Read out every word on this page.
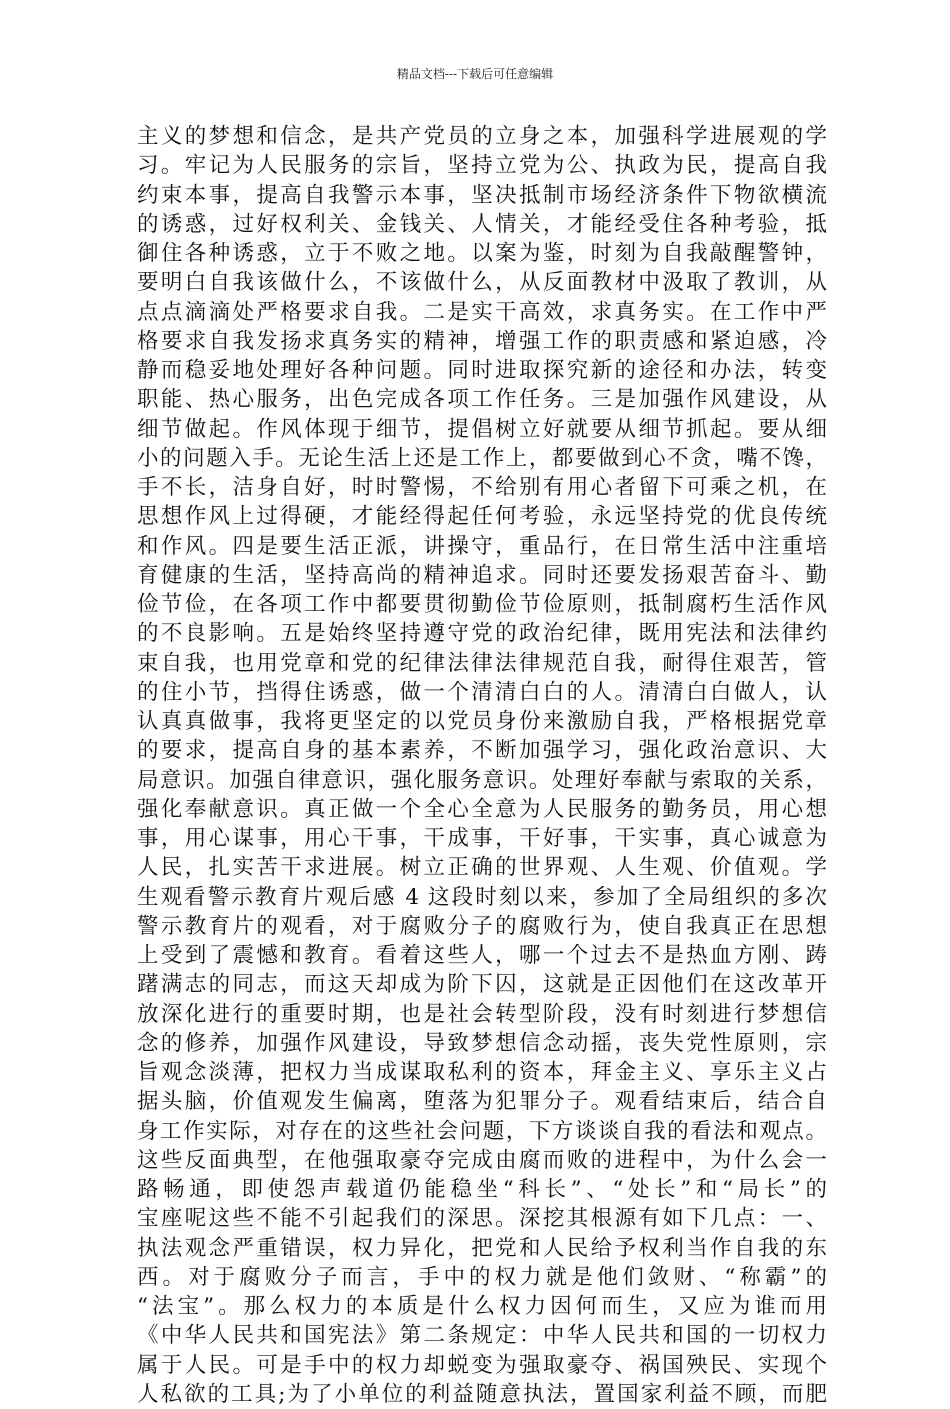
精品文档---下载后可任意编辑
主义的梦想和信念，是共产党员的立身之本，加强科学进展观的学
习。牢记为人民服务的宗旨，坚持立党为公、执政为民，提高自我
约束本事，提高自我警示本事，坚决抵制市场经济条件下物欲横流
的诱惑，过好权利关、金钱关、人情关，才能经受住各种考验，抵
御住各种诱惑，立于不败之地。以案为鉴，时刻为自我敲醒警钟，
要明白自我该做什么，不该做什么，从反面教材中汲取了教训，从
点点滴滴处严格要求自我。二是实干高效，求真务实。在工作中严
格要求自我发扬求真务实的精神，增强工作的职责感和紧迫感，冷
静而稳妥地处理好各种问题。同时进取探究新的途径和办法，转变
职能、热心服务，出色完成各项工作任务。三是加强作风建设，从
细节做起。作风体现于细节，提倡树立好就要从细节抓起。要从细
小的问题入手。无论生活上还是工作上，都要做到心不贪，嘴不馋，
手不长，洁身自好，时时警惕，不给别有用心者留下可乘之机，在
思想作风上过得硬，才能经得起任何考验，永远坚持党的优良传统
和作风。四是要生活正派，讲操守，重品行，在日常生活中注重培
育健康的生活，坚持高尚的精神追求。同时还要发扬艰苦奋斗、勤
俭节俭，在各项工作中都要贯彻勤俭节俭原则，抵制腐朽生活作风
的不良影响。五是始终坚持遵守党的政治纪律，既用宪法和法律约
束自我，也用党章和党的纪律法律法律规范自我，耐得住艰苦，管
的住小节，挡得住诱惑，做一个清清白白的人。清清白白做人，认
认真真做事，我将更坚定的以党员身份来激励自我，严格根据党章
的要求，提高自身的基本素养，不断加强学习，强化政治意识、大
局意识。加强自律意识，强化服务意识。处理好奉献与索取的关系，
强化奉献意识。真正做一个全心全意为人民服务的勤务员，用心想
事，用心谋事，用心干事，干成事，干好事，干实事，真心诚意为
人民，扎实苦干求进展。树立正确的世界观、人生观、价值观。学
生观看警示教育片观后感 4 这段时刻以来，参加了全局组织的多次
警示教育片的观看，对于腐败分子的腐败行为，使自我真正在思想
上受到了震憾和教育。看着这些人，哪一个过去不是热血方刚、踌
躇满志的同志，而这天却成为阶下囚，这就是正因他们在这改革开
放深化进行的重要时期，也是社会转型阶段，没有时刻进行梦想信
念的修养，加强作风建设，导致梦想信念动摇，丧失党性原则，宗
旨观念淡薄，把权力当成谋取私利的资本，拜金主义、享乐主义占
据头脑，价值观发生偏离，堕落为犯罪分子。观看结束后，结合自
身工作实际，对存在的这些社会问题，下方谈谈自我的看法和观点。
这些反面典型，在他强取豪夺完成由腐而败的进程中，为什么会一
路畅通，即使怨声载道仍能稳坐“科长”、“处长”和“局长”的
宝座呢这些不能不引起我们的深思。深挖其根源有如下几点：一、
执法观念严重错误，权力异化，把党和人民给予权利当作自我的东
西。对于腐败分子而言，手中的权力就是他们敛财、“称霸”的
“法宝”。那么权力的本质是什么权力因何而生，又应为谁而用
《中华人民共和国宪法》第二条规定：中华人民共和国的一切权力
属于人民。可是手中的权力却蜕变为强取豪夺、祸国殃民、实现个
人私欲的工具;为了小单位的利益随意执法，置国家利益不顾，而肥
